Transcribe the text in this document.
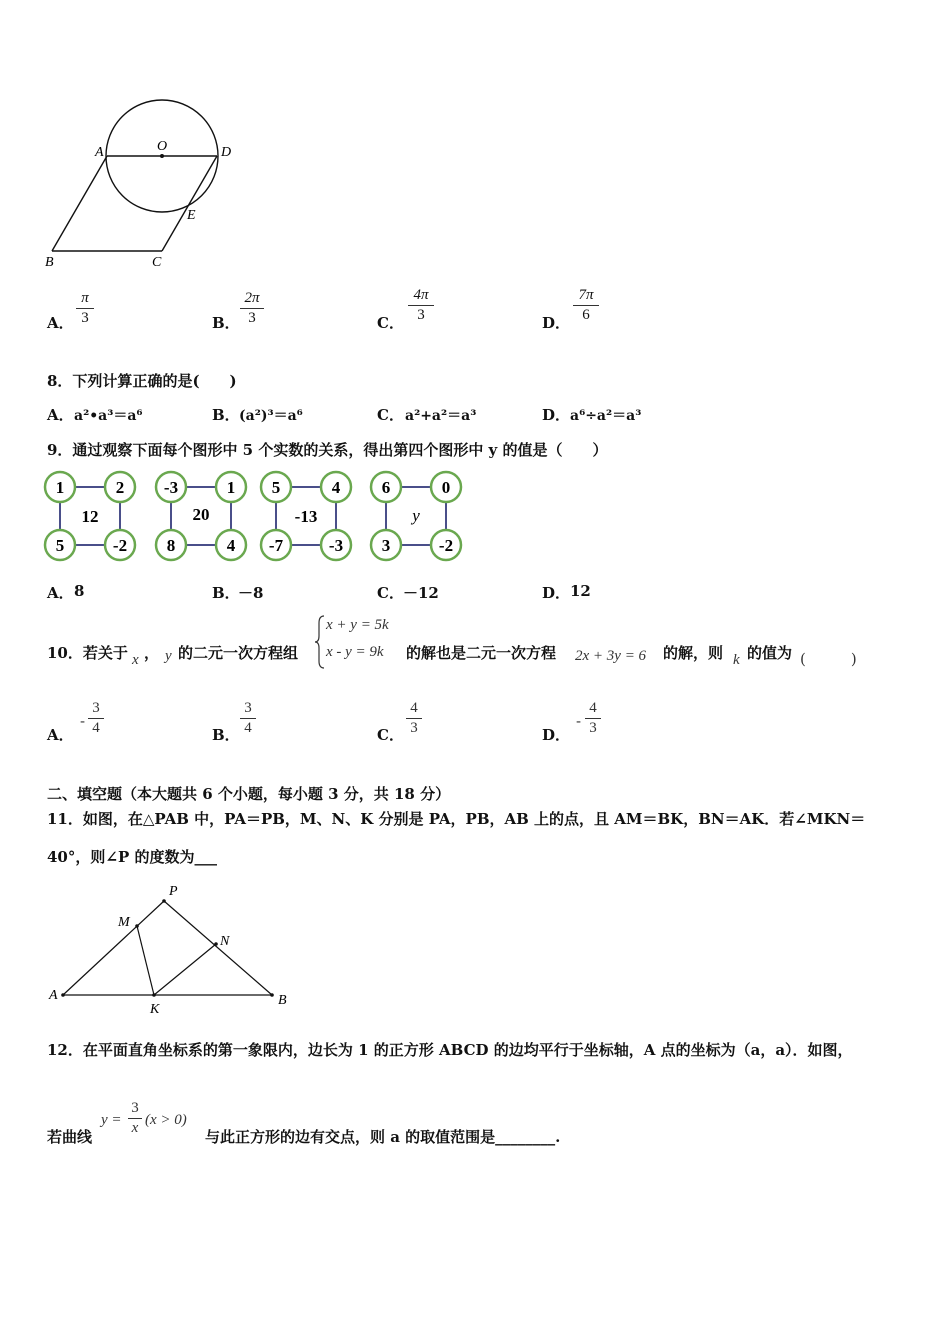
A	O	D
E
B	C
A．
π
3	B．
2π
3	C．
4π
3	D．
7π
6
8．下列计算正确的是(　　)
A． a²•a³＝a⁶	B． (a²)³＝a⁶	C． a²+a²＝a³	D． a⁶÷a²＝a³
9．通过观察下面每个图形中 5 个实数的关系，得出第四个图形中 y 的值是（　　）
1	2
5	-2
12
-3	1
8	4
20
5	4
-7	-3
-13
6	0
3	-2
y
A． 8	B．
－8	C． －12	D． 12
10．若关于 x ， y 的二元一次方程组
x + y = 5k
x - y = 9k 的解也是二元一次方程 2x + 3y = 6 的解，则 k 的值为 (　　　)
A．
-
3
4	B．
3
4	C．
4
3	D．
-
4
3
二、填空题（本大题共 6 个小题，每小题 3 分，共 18 分）
11．如图，在△PAB 中，PA＝PB，M、N、K 分别是 PA，PB，AB 上的点，且 AM＝BK，BN＝AK．若∠MKN＝
40°，则∠P 的度数为___
P
M
N
A
K
B
12．在平面直角坐标系的第一象限内，边长为 1 的正方形 ABCD 的边均平行于坐标轴，A 点的坐标为（a，a）．如图，
若曲线
y =
3
x (x > 0)
与此正方形的边有交点，则 a 的取值范围是________.
